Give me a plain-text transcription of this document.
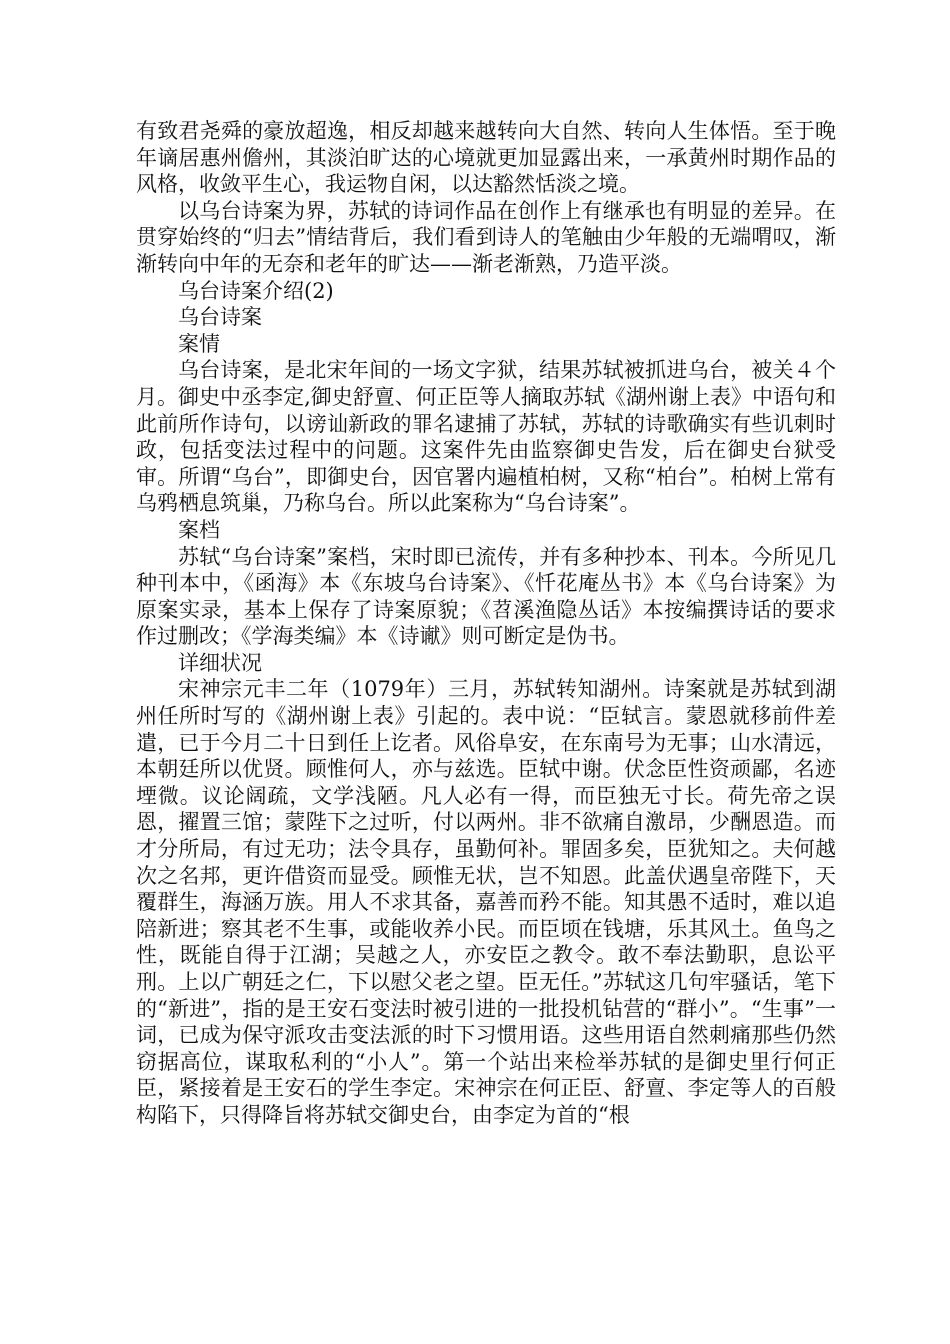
有致君尧舜的豪放超逸，相反却越来越转向大自然、转向人生体悟。至于晚年谪居惠州儋州，其淡泊旷达的心境就更加显露出来，一承黄州时期作品的风格，收敛平生心，我运物自闲，以达豁然恬淡之境。

以乌台诗案为界，苏轼的诗词作品在创作上有继承也有明显的差异。在贯穿始终的“归去”情结背后，我们看到诗人的笔触由少年般的无端喟叹，渐渐转向中年的无奈和老年的旷达——渐老渐熟，乃造平淡。

乌台诗案介绍(2)

乌台诗案

案情

乌台诗案，是北宋年间的一场文字狱，结果苏轼被抓进乌台，被关４个月。御史中丞李定,御史舒亶、何正臣等人摘取苏轼《湖州谢上表》中语句和此前所作诗句，以谤讪新政的罪名逮捕了苏轼，苏轼的诗歌确实有些讥刺时政，包括变法过程中的问题。这案件先由监察御史告发，后在御史台狱受审。所谓“乌台”，即御史台，因官署内遍植柏树，又称“柏台”。柏树上常有乌鸦栖息筑巢，乃称乌台。所以此案称为“乌台诗案”。

案档

苏轼“乌台诗案”案档，宋时即已流传，并有多种抄本、刊本。今所见几种刊本中，《函海》本《东坡乌台诗案》、《忏花庵丛书》本《乌台诗案》为原案实录，基本上保存了诗案原貌；《苕溪渔隐丛话》本按编撰诗话的要求作过删改；《学海类编》本《诗谳》则可断定是伪书。

详细状况

宋神宗元丰二年（1079年）三月，苏轼转知湖州。诗案就是苏轼到湖州任所时写的《湖州谢上表》引起的。表中说：“臣轼言。蒙恩就移前件差遣，已于今月二十日到任上讫者。风俗阜安，在东南号为无事；山水清远，本朝廷所以优贤。顾惟何人，亦与兹选。臣轼中谢。伏念臣性资顽鄙，名迹堙微。议论阔疏，文学浅陋。凡人必有一得，而臣独无寸长。荷先帝之误恩，擢置三馆；蒙陛下之过听，付以两州。非不欲痛自激昂，少酬恩造。而才分所局，有过无功；法令具存，虽勤何补。罪固多矣，臣犹知之。夫何越次之名邦，更许借资而显受。顾惟无状，岂不知恩。此盖伏遇皇帝陛下，天覆群生，海涵万族。用人不求其备，嘉善而矜不能。知其愚不适时，难以追陪新进；察其老不生事，或能收养小民。而臣顷在钱塘，乐其风土。鱼鸟之性，既能自得于江湖；吴越之人，亦安臣之教令。敢不奉法勤职，息讼平刑。上以广朝廷之仁，下以慰父老之望。臣无任。”苏轼这几句牢骚话，笔下的“新进”，指的是王安石变法时被引进的一批投机钻营的“群小”。“生事”一词，已成为保守派攻击变法派的时下习惯用语。这些用语自然刺痛那些仍然窃据高位，谋取私利的“小人”。第一个站出来检举苏轼的是御史里行何正臣，紧接着是王安石的学生李定。宋神宗在何正臣、舒亶、李定等人的百般构陷下，只得降旨将苏轼交御史台，由李定为首的“根
